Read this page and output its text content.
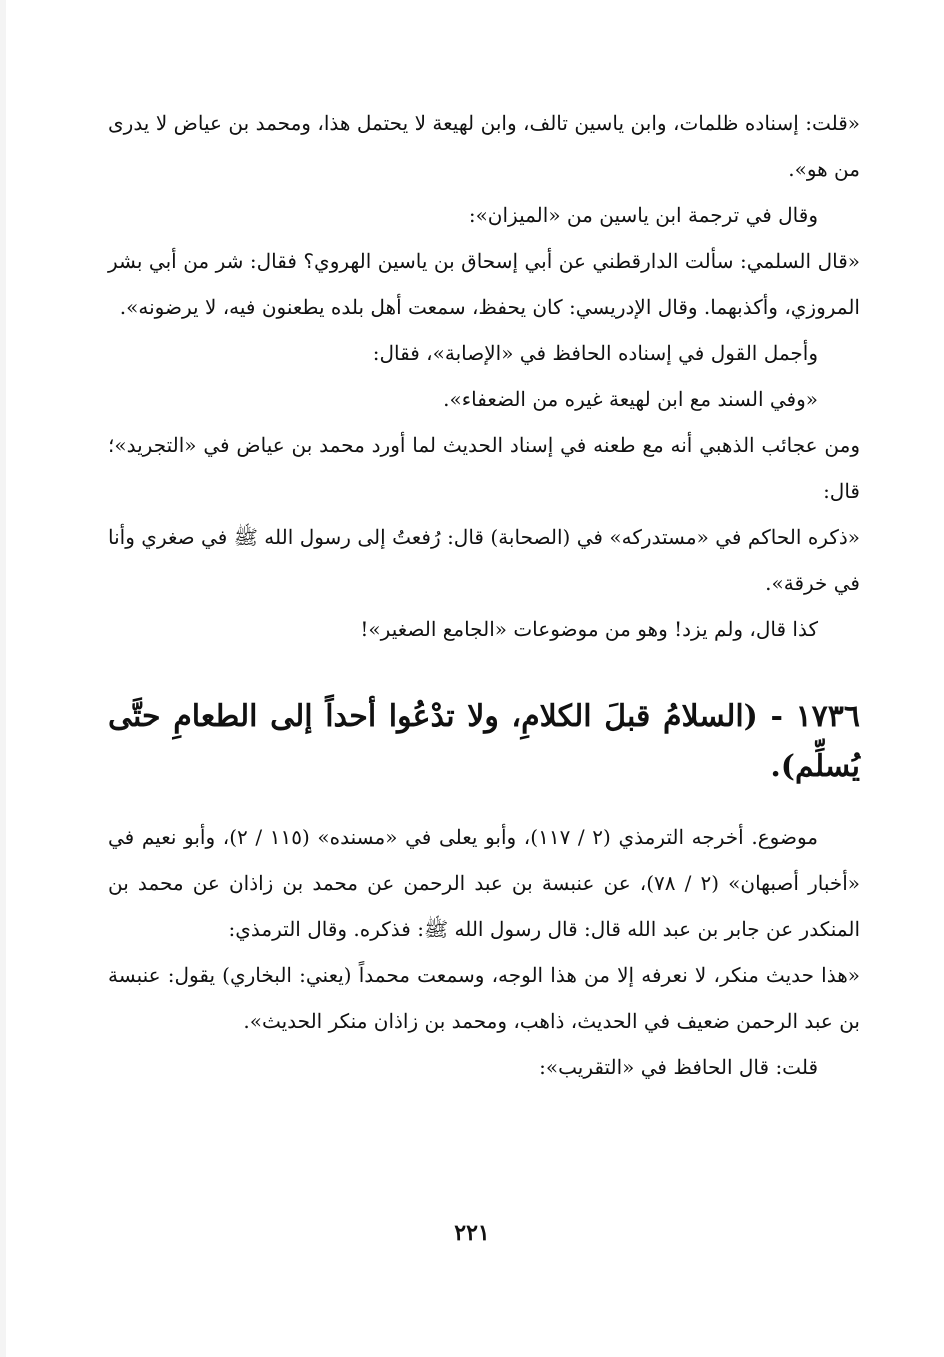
«قلت: إسناده ظلمات، وابن ياسين تالف، وابن لهيعة لا يحتمل هذا، ومحمد بن عياض لا يدرى من هو».

وقال في ترجمة ابن ياسين من «الميزان»:

«قال السلمي: سألت الدارقطني عن أبي إسحاق بن ياسين الهروي؟ فقال: شر من أبي بشر المروزي، وأكذبهما. وقال الإدريسي: كان يحفظ، سمعت أهل بلده يطعنون فيه، لا يرضونه».

وأجمل القول في إسناده الحافظ في «الإصابة»، فقال:

«وفي السند مع ابن لهيعة غيره من الضعفاء».

ومن عجائب الذهبي أنه مع طعنه في إسناد الحديث لما أورد محمد بن عياض في «التجريد»؛ قال:

«ذكره الحاكم في «مستدركه» في (الصحابة) قال: رُفعتُ إلى رسول الله ﷺ في صغري وأنا في خرقة».

كذا قال، ولم يزد! وهو من موضوعات «الجامع الصغير»!

١٧٣٦ - (السلامُ قبلَ الكلامِ، ولا تدْعُوا أحداً إلى الطعامِ حتَّى يُسلِّم).

موضوع. أخرجه الترمذي (٢ / ١١٧)، وأبو يعلى في «مسنده» (١١٥ / ٢)، وأبو نعيم في «أخبار أصبهان» (٢ / ٧٨)، عن عنبسة بن عبد الرحمن عن محمد بن زاذان عن محمد بن المنكدر عن جابر بن عبد الله قال: قال رسول الله ﷺ: فذكره. وقال الترمذي:

«هذا حديث منكر، لا نعرفه إلا من هذا الوجه، وسمعت محمداً (يعني: البخاري) يقول: عنبسة بن عبد الرحمن ضعيف في الحديث، ذاهب، ومحمد بن زاذان منكر الحديث».

قلت: قال الحافظ في «التقريب»:

٢٢١
